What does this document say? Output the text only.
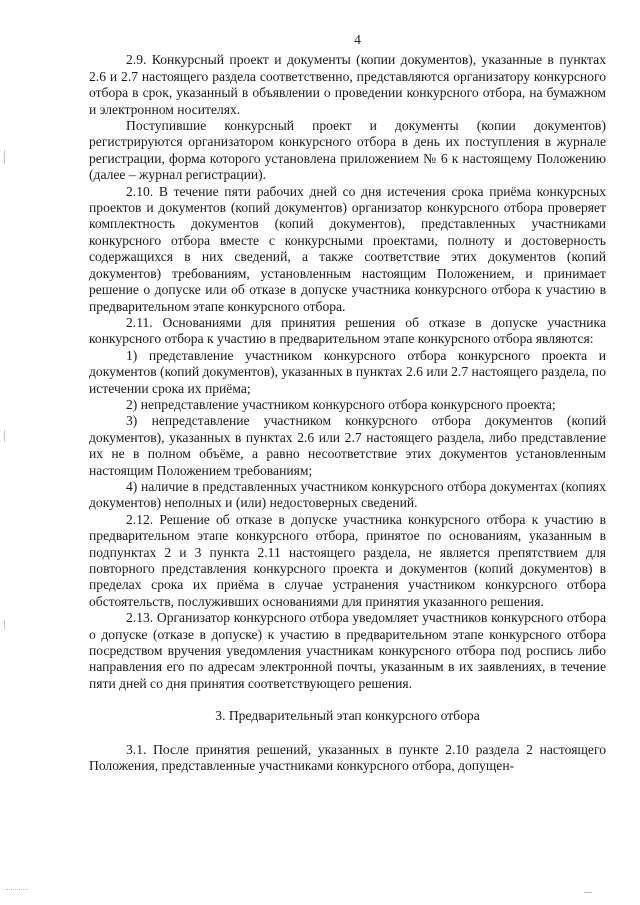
4

2.9. Конкурсный проект и документы (копии документов), указанные в пунктах 2.6 и 2.7 настоящего раздела соответственно, представляются организатору конкурсного отбора в срок, указанный в объявлении о проведении конкурсного отбора, на бумажном и электронном носителях.

Поступившие конкурсный проект и документы (копии документов) регистрируются организатором конкурсного отбора в день их поступления в журнале регистрации, форма которого установлена приложением № 6 к настоящему Положению (далее – журнал регистрации).

2.10. В течение пяти рабочих дней со дня истечения срока приёма конкурсных проектов и документов (копий документов) организатор конкурсного отбора проверяет комплектность документов (копий документов), представленных участниками конкурсного отбора вместе с конкурсными проектами, полноту и достоверность содержащихся в них сведений, а также соответствие этих документов (копий документов) требованиям, установленным настоящим Положением, и принимает решение о допуске или об отказе в допуске участника конкурсного отбора к участию в предварительном этапе конкурсного отбора.

2.11. Основаниями для принятия решения об отказе в допуске участника конкурсного отбора к участию в предварительном этапе конкурсного отбора являются:

1) представление участником конкурсного отбора конкурсного проекта и документов (копий документов), указанных в пунктах 2.6 или 2.7 настоящего раздела, по истечении срока их приёма;

2) непредставление участником конкурсного отбора конкурсного проекта;

3) непредставление участником конкурсного отбора документов (копий документов), указанных в пунктах 2.6 или 2.7 настоящего раздела, либо представление их не в полном объёме, а равно несоответствие этих документов установленным настоящим Положением требованиям;

4) наличие в представленных участником конкурсного отбора документах (копиях документов) неполных и (или) недостоверных сведений.

2.12. Решение об отказе в допуске участника конкурсного отбора к участию в предварительном этапе конкурсного отбора, принятое по основаниям, указанным в подпунктах 2 и 3 пункта 2.11 настоящего раздела, не является препятствием для повторного представления конкурсного проекта и документов (копий документов) в пределах срока их приёма в случае устранения участником конкурсного отбора обстоятельств, послуживших основаниями для принятия указанного решения.

2.13. Организатор конкурсного отбора уведомляет участников конкурсного отбора о допуске (отказе в допуске) к участию в предварительном этапе конкурсного отбора посредством вручения уведомления участникам конкурсного отбора под роспись либо направления его по адресам электронной почты, указанным в их заявлениях, в течение пяти дней со дня принятия соответствующего решения.

3. Предварительный этап конкурсного отбора

3.1. После принятия решений, указанных в пункте 2.10 раздела 2 настоящего Положения, представленные участниками конкурсного отбора, допущен-
